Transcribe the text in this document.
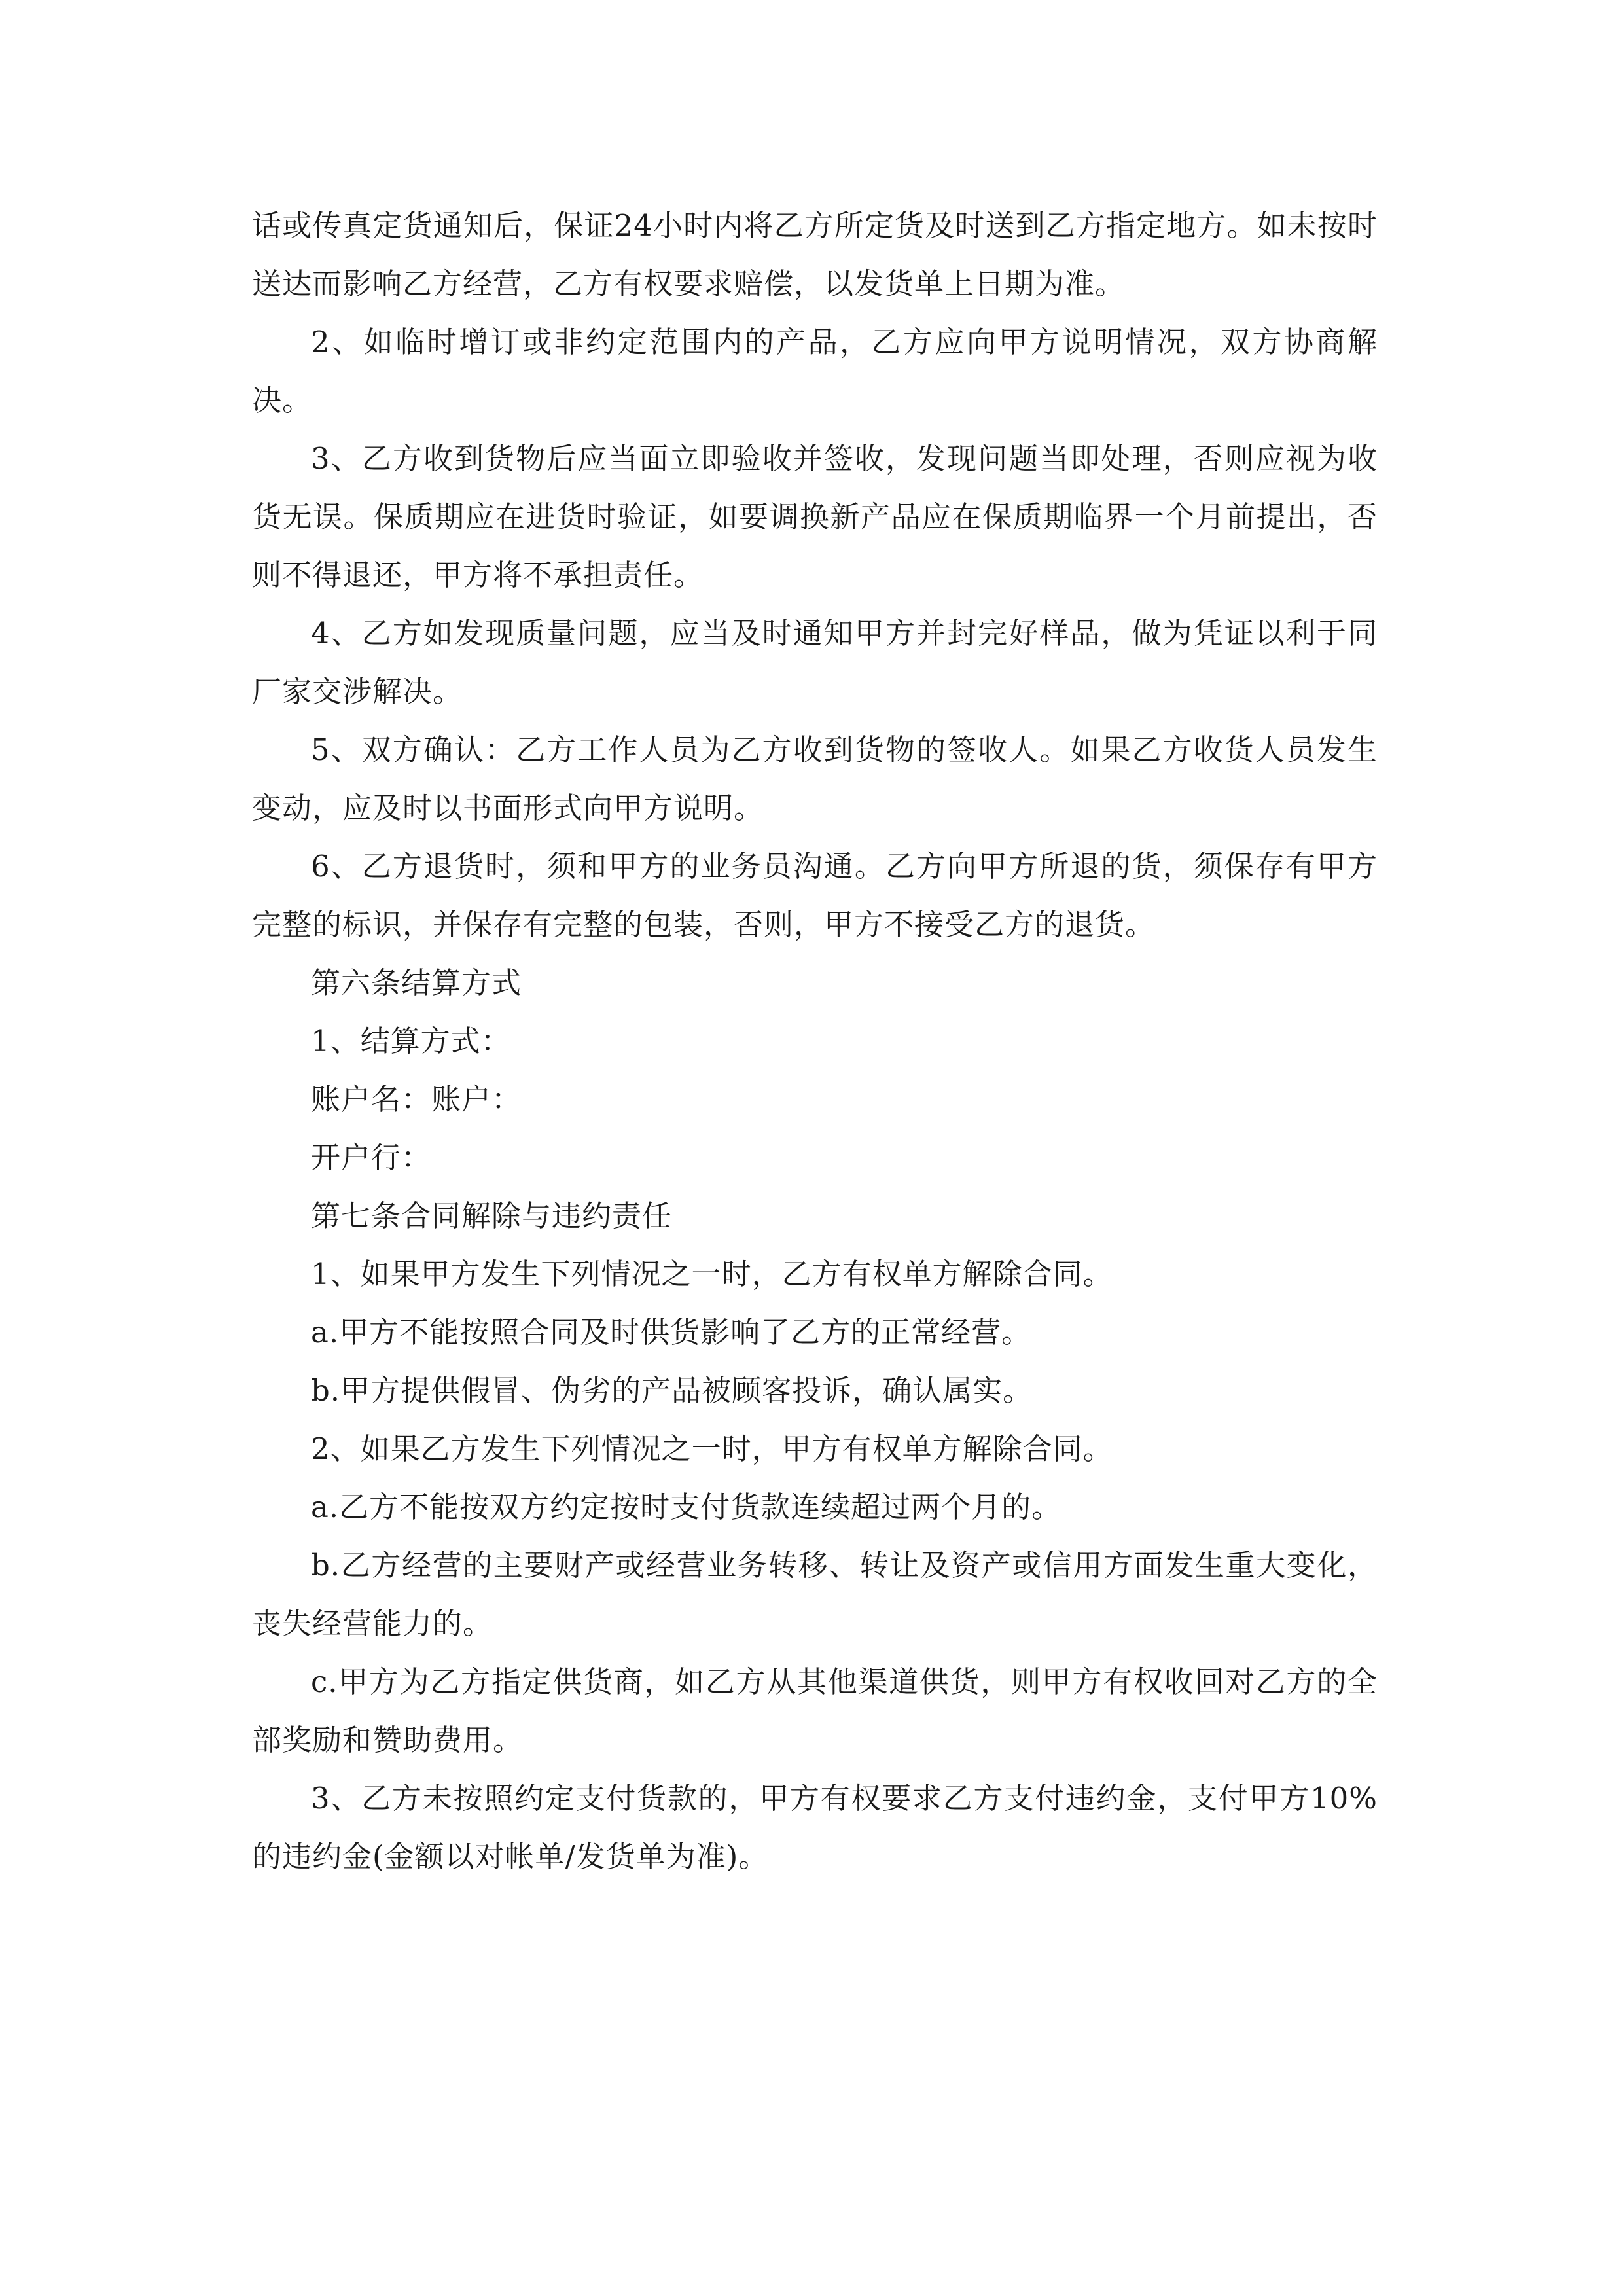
话或传真定货通知后，保证24小时内将乙方所定货及时送到乙方指定地方。如未按时送达而影响乙方经营，乙方有权要求赔偿，以发货单上日期为准。

2、如临时增订或非约定范围内的产品，乙方应向甲方说明情况，双方协商解决。

3、乙方收到货物后应当面立即验收并签收，发现问题当即处理，否则应视为收货无误。保质期应在进货时验证，如要调换新产品应在保质期临界一个月前提出，否则不得退还，甲方将不承担责任。

4、乙方如发现质量问题，应当及时通知甲方并封完好样品，做为凭证以利于同厂家交涉解决。

5、双方确认：乙方工作人员为乙方收到货物的签收人。如果乙方收货人员发生变动，应及时以书面形式向甲方说明。

6、乙方退货时，须和甲方的业务员沟通。乙方向甲方所退的货，须保存有甲方完整的标识，并保存有完整的包装，否则，甲方不接受乙方的退货。

第六条结算方式

1、结算方式：

账户名：账户：

开户行：

第七条合同解除与违约责任

1、如果甲方发生下列情况之一时，乙方有权单方解除合同。

a.甲方不能按照合同及时供货影响了乙方的正常经营。

b.甲方提供假冒、伪劣的产品被顾客投诉，确认属实。

2、如果乙方发生下列情况之一时，甲方有权单方解除合同。

a.乙方不能按双方约定按时支付货款连续超过两个月的。

b.乙方经营的主要财产或经营业务转移、转让及资产或信用方面发生重大变化，丧失经营能力的。

c.甲方为乙方指定供货商，如乙方从其他渠道供货，则甲方有权收回对乙方的全部奖励和赞助费用。

3、乙方未按照约定支付货款的，甲方有权要求乙方支付违约金，支付甲方10%的违约金(金额以对帐单/发货单为准)。
